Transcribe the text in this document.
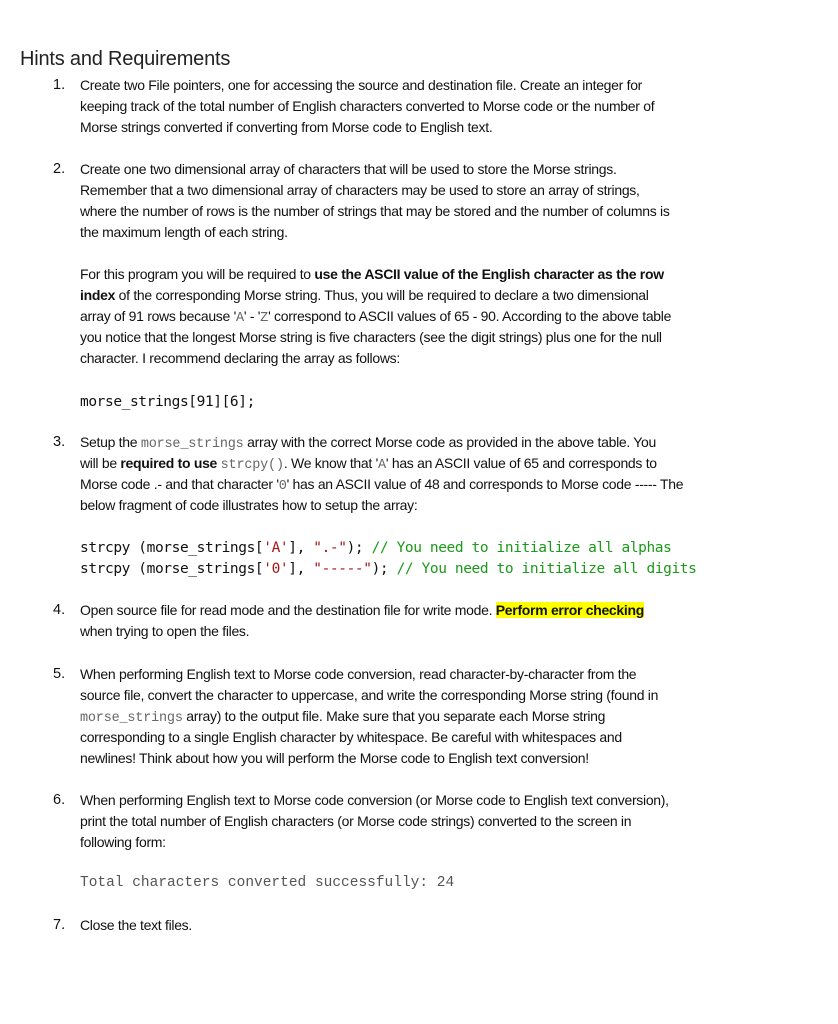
Hints and Requirements
1. Create two File pointers, one for accessing the source and destination file. Create an integer for
keeping track of the total number of English characters converted to Morse code or the number of
Morse strings converted if converting from Morse code to English text.
2. Create one two dimensional array of characters that will be used to store the Morse strings.
Remember that a two dimensional array of characters may be used to store an array of strings,
where the number of rows is the number of strings that may be stored and the number of columns is
the maximum length of each string.
For this program you will be required to use the ASCII value of the English character as the row
index of the corresponding Morse string. Thus, you will be required to declare a two dimensional
array of 91 rows because 'A' - 'Z' correspond to ASCII values of 65 - 90. According to the above table
you notice that the longest Morse string is five characters (see the digit strings) plus one for the null
character. I recommend declaring the array as follows:
morse_strings[91][6];
3. Setup the morse_strings array with the correct Morse code as provided in the above table. You
will be required to use strcpy(). We know that 'A' has an ASCII value of 65 and corresponds to
Morse code .- and that character '0' has an ASCII value of 48 and corresponds to Morse code ----- The
below fragment of code illustrates how to setup the array:
strcpy (morse_strings['A'], ".-"); // You need to initialize all alphas
strcpy (morse_strings['0'], "-----"); // You need to initialize all digits
4. Open source file for read mode and the destination file for write mode. Perform error checking
when trying to open the files.
5. When performing English text to Morse code conversion, read character-by-character from the
source file, convert the character to uppercase, and write the corresponding Morse string (found in
morse_strings array) to the output file. Make sure that you separate each Morse string
corresponding to a single English character by whitespace. Be careful with whitespaces and
newlines! Think about how you will perform the Morse code to English text conversion!
6. When performing English text to Morse code conversion (or Morse code to English text conversion),
print the total number of English characters (or Morse code strings) converted to the screen in
following form:
Total characters converted successfully: 24
7. Close the text files.
